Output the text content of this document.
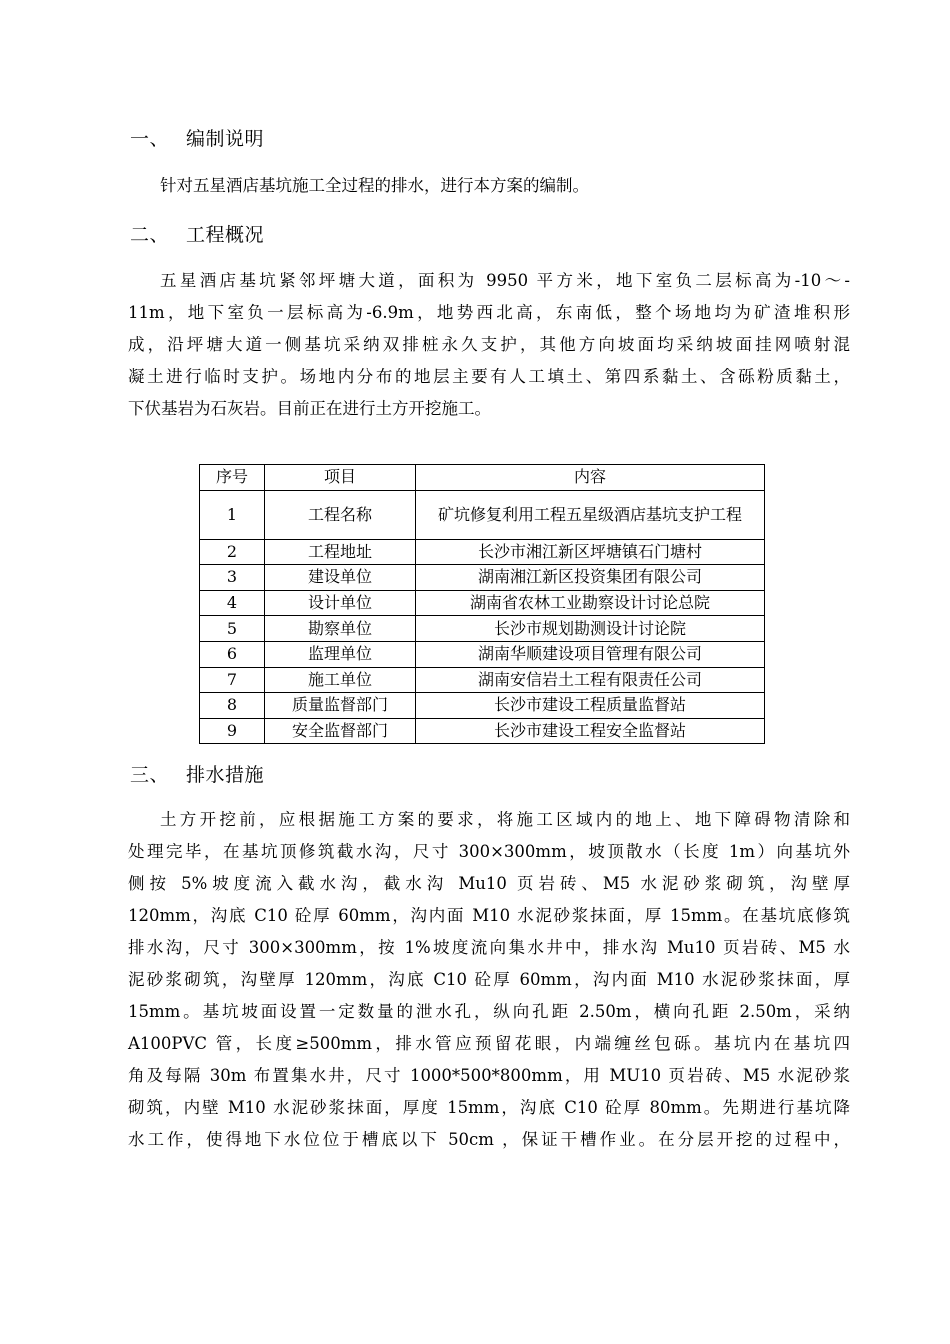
一、 编制说明
针对五星酒店基坑施工全过程的排水，进行本方案的编制。
二、 工程概况
五星酒店基坑紧邻坪塘大道，面积为 9950 平方米，地下室负二层标高为-10～-
11m，地下室负一层标高为-6.9m，地势西北高，东南低，整个场地均为矿渣堆积形
成，沿坪塘大道一侧基坑采纳双排桩永久支护，其他方向坡面均采纳坡面挂网喷射混
凝土进行临时支护。场地内分布的地层主要有人工填土、第四系黏土、含砾粉质黏土，
下伏基岩为石灰岩。目前正在进行土方开挖施工。
序号	项目	内容
1	工程名称	矿坑修复利用工程五星级酒店基坑支护工程
2	工程地址	长沙市湘江新区坪塘镇石门塘村
3	建设单位	湖南湘江新区投资集团有限公司
4	设计单位	湖南省农林工业勘察设计讨论总院
5	勘察单位	长沙市规划勘测设计讨论院
6	监理单位	湖南华顺建设项目管理有限公司
7	施工单位	湖南安信岩土工程有限责任公司
8	质量监督部门	长沙市建设工程质量监督站
9	安全监督部门	长沙市建设工程安全监督站
三、 排水措施
土方开挖前，应根据施工方案的要求，将施工区域内的地上、地下障碍物清除和
处理完毕，在基坑顶修筑截水沟，尺寸 300×300mm，坡顶散水（长度 1m）向基坑外
侧按 5%坡度流入截水沟，截水沟 Mu10 页岩砖、M5 水泥砂浆砌筑，沟壁厚
120mm，沟底 C10 砼厚 60mm，沟内面 M10 水泥砂浆抹面，厚 15mm。在基坑底修筑
排水沟，尺寸 300×300mm，按 1%坡度流向集水井中，排水沟 Mu10 页岩砖、M5 水
泥砂浆砌筑，沟壁厚 120mm，沟底 C10 砼厚 60mm，沟内面 M10 水泥砂浆抹面，厚
15mm。基坑坡面设置一定数量的泄水孔，纵向孔距 2.50m，横向孔距 2.50m，采纳
A100PVC 管，长度≥500mm，排水管应预留花眼，内端缠丝包砾。基坑内在基坑四
角及每隔 30m 布置集水井，尺寸 1000*500*800mm，用 MU10 页岩砖、M5 水泥砂浆
砌筑，内壁 M10 水泥砂浆抹面，厚度 15mm，沟底 C10 砼厚 80mm。先期进行基坑降
水工作，使得地下水位位于槽底以下 50cm ，保证干槽作业。在分层开挖的过程中，
